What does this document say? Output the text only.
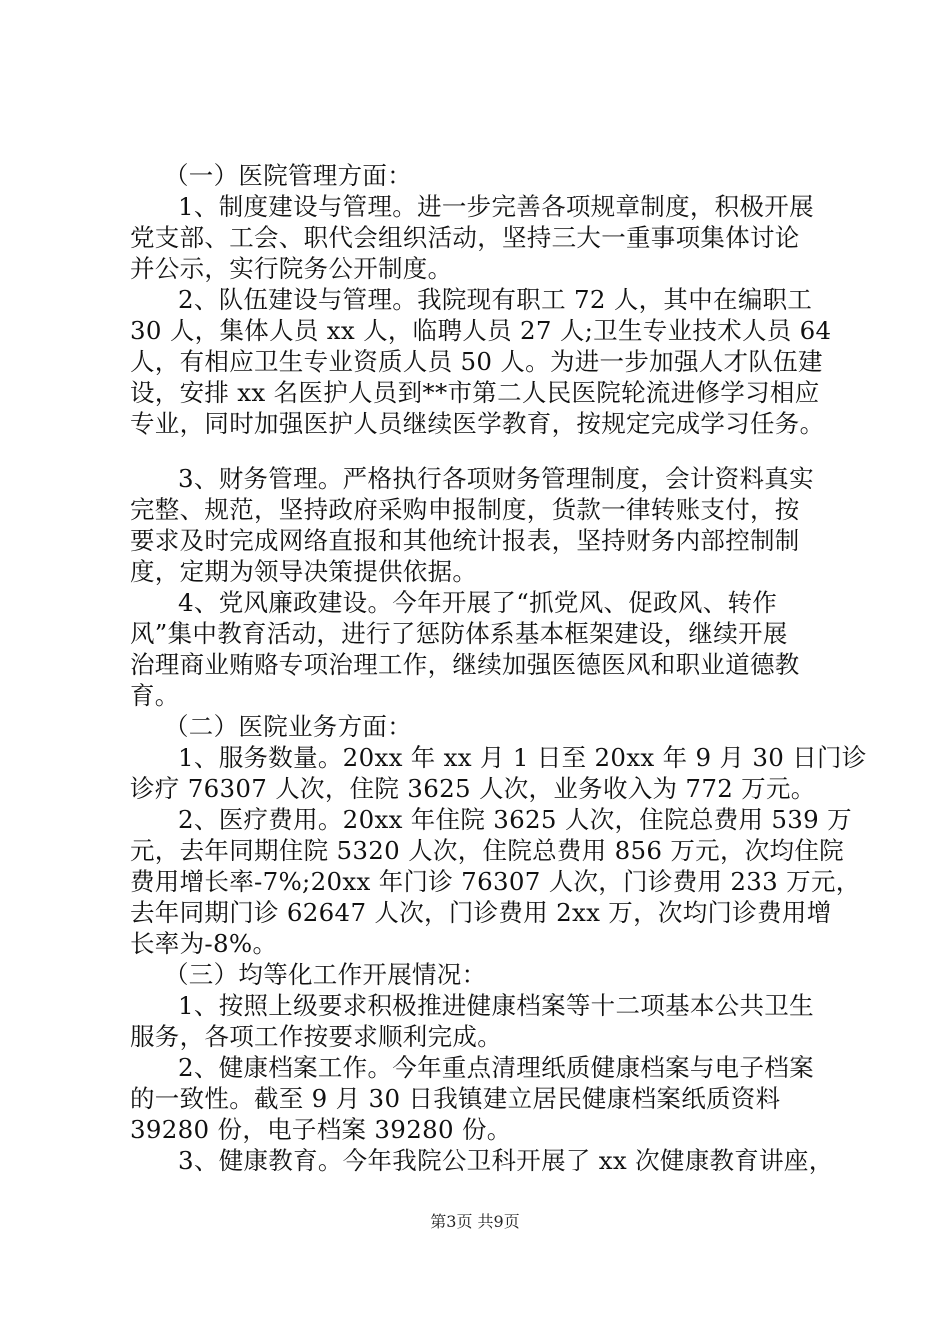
（一）医院管理方面：
1、制度建设与管理。进一步完善各项规章制度，积极开展
党支部、工会、职代会组织活动，坚持三大一重事项集体讨论
并公示，实行院务公开制度。
2、队伍建设与管理。我院现有职工 72 人，其中在编职工
30 人，集体人员 xx 人，临聘人员 27 人;卫生专业技术人员 64
人，有相应卫生专业资质人员 50 人。为进一步加强人才队伍建
设，安排 xx 名医护人员到**市第二人民医院轮流进修学习相应
专业，同时加强医护人员继续医学教育，按规定完成学习任务。
3、财务管理。严格执行各项财务管理制度，会计资料真实
完整、规范，坚持政府采购申报制度，货款一律转账支付，按
要求及时完成网络直报和其他统计报表，坚持财务内部控制制
度，定期为领导决策提供依据。
4、党风廉政建设。今年开展了“抓党风、促政风、转作
风”集中教育活动，进行了惩防体系基本框架建设，继续开展
治理商业贿赂专项治理工作，继续加强医德医风和职业道德教
育。
（二）医院业务方面：
1、服务数量。20xx 年 xx 月 1 日至 20xx 年 9 月 30 日门诊
诊疗 76307 人次，住院 3625 人次，业务收入为 772 万元。
2、医疗费用。20xx 年住院 3625 人次，住院总费用 539 万
元，去年同期住院 5320 人次，住院总费用 856 万元，次均住院
费用增长率-7%;20xx 年门诊 76307 人次，门诊费用 233 万元，
去年同期门诊 62647 人次，门诊费用 2xx 万，次均门诊费用增
长率为-8%。
（三）均等化工作开展情况：
1、按照上级要求积极推进健康档案等十二项基本公共卫生
服务，各项工作按要求顺利完成。
2、健康档案工作。今年重点清理纸质健康档案与电子档案
的一致性。截至 9 月 30 日我镇建立居民健康档案纸质资料
39280 份，电子档案 39280 份。
3、健康教育。今年我院公卫科开展了 xx 次健康教育讲座，
第3页 共9页
